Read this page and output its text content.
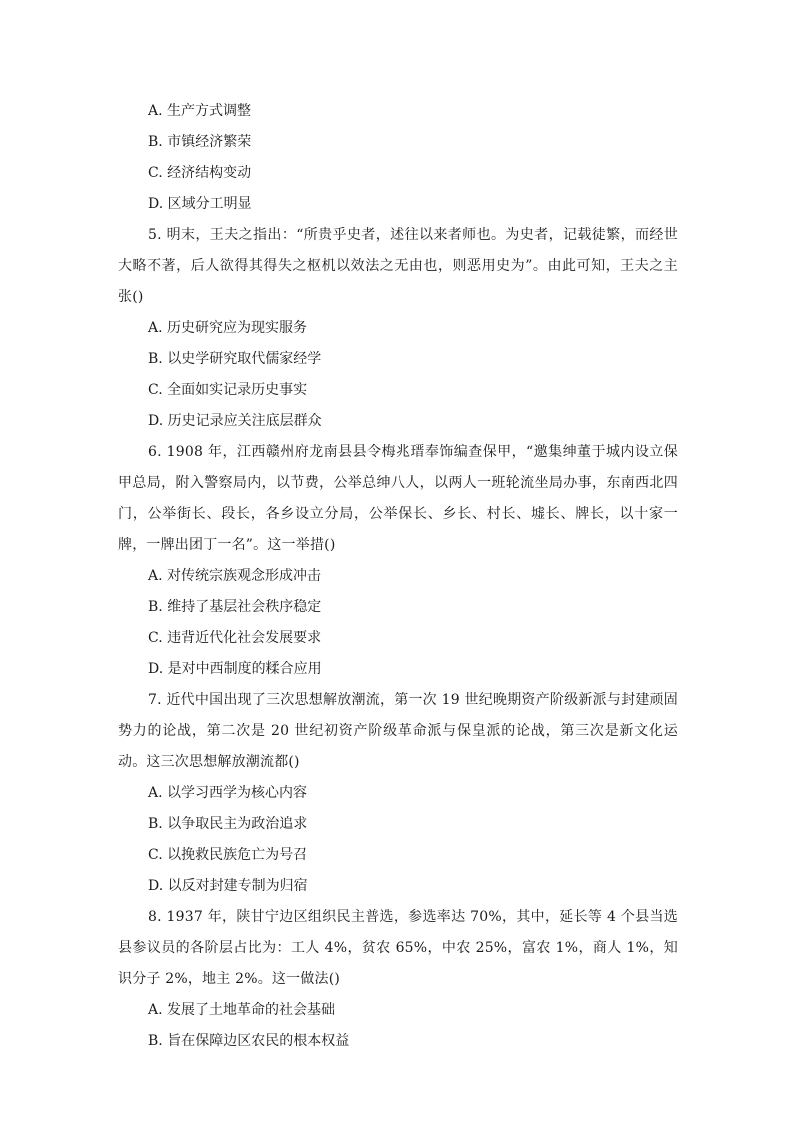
A. 生产方式调整
B. 市镇经济繁荣
C. 经济结构变动
D. 区域分工明显
5. 明末，王夫之指出：“所贵乎史者，述往以来者师也。为史者，记载徒繁，而经世大略不著，后人欲得其得失之枢机以效法之无由也，则恶用史为”。由此可知，王夫之主张()
A. 历史研究应为现实服务
B. 以史学研究取代儒家经学
C. 全面如实记录历史事实
D. 历史记录应关注底层群众
6. 1908 年，江西赣州府龙南县县令梅兆瑨奉饰编查保甲，“邀集绅董于城内设立保甲总局，附入警察局内，以节费，公举总绅八人，以两人一班轮流坐局办事，东南西北四门，公举街长、段长，各乡设立分局，公举保长、乡长、村长、墟长、牌长，以十家一牌，一牌出团丁一名”。这一举措()
A. 对传统宗族观念形成冲击
B. 维持了基层社会秩序稳定
C. 违背近代化社会发展要求
D. 是对中西制度的糅合应用
7. 近代中国出现了三次思想解放潮流，第一次 19 世纪晚期资产阶级新派与封建顽固势力的论战，第二次是 20 世纪初资产阶级革命派与保皇派的论战，第三次是新文化运动。这三次思想解放潮流都()
A. 以学习西学为核心内容
B. 以争取民主为政治追求
C. 以挽救民族危亡为号召
D. 以反对封建专制为归宿
8. 1937 年，陕甘宁边区组织民主普选，参选率达 70%，其中，延长等 4 个县当选县参议员的各阶层占比为：工人 4%，贫农 65%，中农 25%，富农 1%，商人 1%，知识分子 2%，地主 2%。这一做法()
A. 发展了土地革命的社会基础
B. 旨在保障边区农民的根本权益
